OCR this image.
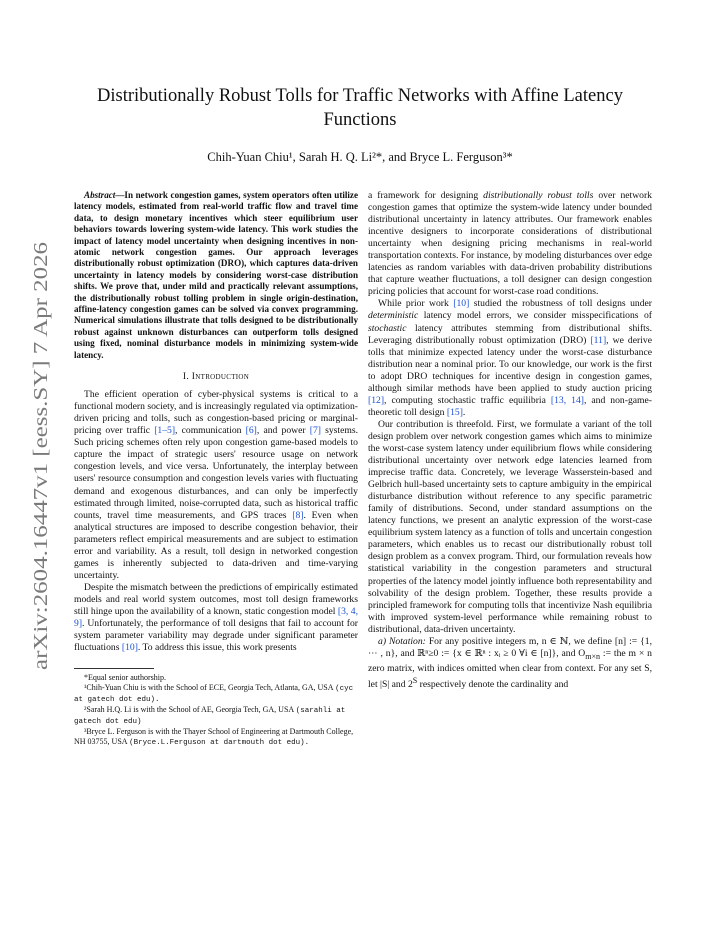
arXiv:2604.16447v1 [eess.SY] 7 Apr 2026
Distributionally Robust Tolls for Traffic Networks with Affine Latency
Functions
Chih-Yuan Chiu¹, Sarah H. Q. Li²*, and Bryce L. Ferguson³*

Abstract—In network congestion games, system operators often utilize latency models, estimated from real-world traffic flow and travel time data, to design monetary incentives which steer equilibrium user behaviors towards lowering system-wide latency. This work studies the impact of latency model uncertainty when designing incentives in non-atomic network congestion games. Our approach leverages distributionally robust optimization (DRO), which captures data-driven uncertainty in latency models by considering worst-case distribution shifts. We prove that, under mild and practically relevant assumptions, the distributionally robust tolling problem in single origin-destination, affine-latency congestion games can be solved via convex programming. Numerical simulations illustrate that tolls designed to be distributionally robust against unknown disturbances can outperform tolls designed using fixed, nominal disturbance models in minimizing system-wide latency.

I. Introduction

The efficient operation of cyber-physical systems is critical to a functional modern society, and is increasingly regulated via optimization-driven pricing and tolls, such as congestion-based pricing or marginal-pricing over traffic [1–5], communication [6], and power [7] systems. Such pricing schemes often rely upon congestion game-based models to capture the impact of strategic users' resource usage on network congestion levels, and vice versa. Unfortunately, the interplay between users' resource consumption and congestion levels varies with fluctuating demand and exogenous disturbances, and can only be imperfectly estimated through limited, noise-corrupted data, such as historical traffic counts, travel time measurements, and GPS traces [8]. Even when analytical structures are imposed to describe congestion behavior, their parameters reflect empirical measurements and are subject to estimation error and variability. As a result, toll design in networked congestion games is inherently subjected to data-driven and time-varying uncertainty.

Despite the mismatch between the predictions of empirically estimated models and real world system outcomes, most toll design frameworks still hinge upon the availability of a known, static congestion model [3, 4, 9]. Unfortunately, the performance of toll designs that fail to account for system parameter variability may degrade under significant parameter fluctuations [10]. To address this issue, this work presents

*Equal senior authorship.

¹Chih-Yuan Chiu is with the School of ECE, Georgia Tech, Atlanta, GA, USA (cyc at gatech dot edu).

²Sarah H.Q. Li is with the School of AE, Georgia Tech, GA, USA (sarahli at gatech dot edu)

³Bryce L. Ferguson is with the Thayer School of Engineering at Dartmouth College, NH 03755, USA (Bryce.L.Ferguson at dartmouth dot edu).

a framework for designing distributionally robust tolls over network congestion games that optimize the system-wide latency under bounded distributional uncertainty in latency attributes. Our framework enables incentive designers to incorporate considerations of distributional uncertainty when designing pricing mechanisms in real-world transportation contexts. For instance, by modeling disturbances over edge latencies as random variables with data-driven probability distributions that capture weather fluctuations, a toll designer can design congestion pricing policies that account for worst-case road conditions.

While prior work [10] studied the robustness of toll designs under deterministic latency model errors, we consider misspecifications of stochastic latency attributes stemming from distributional shifts. Leveraging distributionally robust optimization (DRO) [11], we derive tolls that minimize expected latency under the worst-case disturbance distribution near a nominal prior. To our knowledge, our work is the first to adopt DRO techniques for incentive design in congestion games, although similar methods have been applied to study auction pricing [12], computing stochastic traffic equilibria [13, 14], and non-game-theoretic toll design [15].

Our contribution is threefold. First, we formulate a variant of the toll design problem over network congestion games which aims to minimize the worst-case system latency under equilibrium flows while considering distributional uncertainty over network edge latencies learned from imprecise traffic data. Concretely, we leverage Wasserstein-based and Gelbrich hull-based uncertainty sets to capture ambiguity in the empirical disturbance distribution without reference to any specific parametric family of distributions. Second, under standard assumptions on the latency functions, we present an analytic expression of the worst-case equilibrium system latency as a function of tolls and uncertain congestion parameters, which enables us to recast our distributionally robust toll design problem as a convex program. Third, our formulation reveals how statistical variability in the congestion parameters and structural properties of the latency model jointly influence both representability and solvability of the design problem. Together, these results provide a principled framework for computing tolls that incentivize Nash equilibria with improved system-level performance while remaining robust to distributional, data-driven uncertainty.

a) Notation: For any positive integers m, n ∈ ℕ, we define [n] := {1, ⋯ , n}, and ℝⁿ≥0 := {x ∈ ℝⁿ : xᵢ ≥ 0 ∀i ∈ [n]}, and $O_{m\times n}$ := the m × n zero matrix, with indices omitted when clear from context. For any set S, let |S| and $2^S$ respectively denote the cardinality and
